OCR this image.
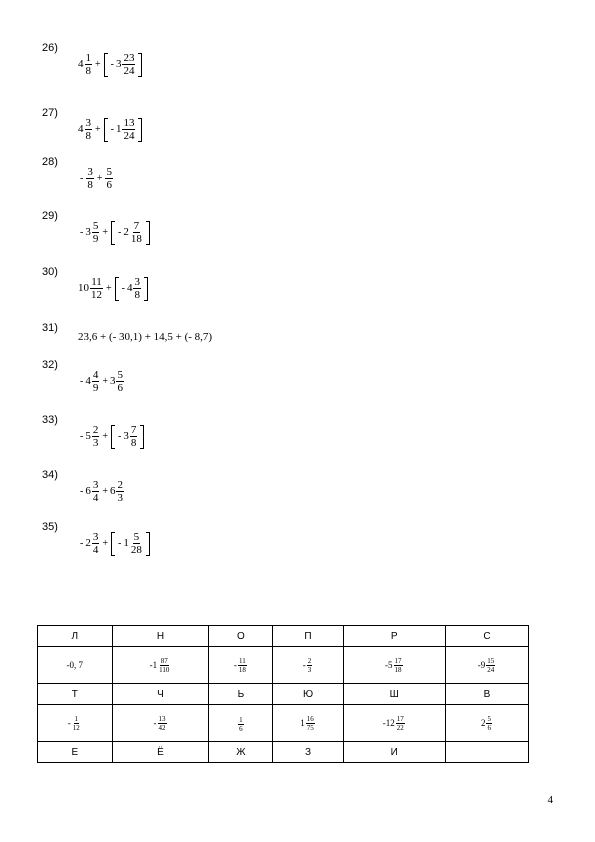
26)
$4 \frac{1}{8}$ + - $3 \frac{23}{24}$
27)
$4 \frac{3}{8}$ + - $1 \frac{13}{24}$
28)
- $\frac{3}{8} + \frac{5}{6}$
29)
- $3 \frac{5}{9}$ + - $2 \frac{7}{18}$
30)
$10 \frac{11}{12}$ + - $4 \frac{3}{8}$
31)
23,6 + (- 30,1) + 14,5 + (- 8,7)
32)
- $4 \frac{4}{9} + 3 \frac{5}{6}$
33)
- $5 \frac{2}{3}$ + - $3 \frac{7}{8}$
34)
- $6 \frac{3}{4} + 6 \frac{2}{3}$
35)
- $2 \frac{3}{4}$ + - $1 \frac{5}{28}$
Л	Н	О	П	Р	С

-0, 7	- $1 \frac{87}{110}$	- $\frac{11}{18}$	- $\frac{2}{3}$	- $5 \frac{17}{18}$	- $9 \frac{15}{24}$

Т	Ч	Ь	Ю	Ш	В

- $\frac{1}{12}$	- $\frac{13}{42}$	$\frac{1}{6}$	$1 \frac{16}{75}$	- $12 \frac{17}{22}$	$2 \frac{5}{6}$

Е	Ё	Ж	З	И	
4
